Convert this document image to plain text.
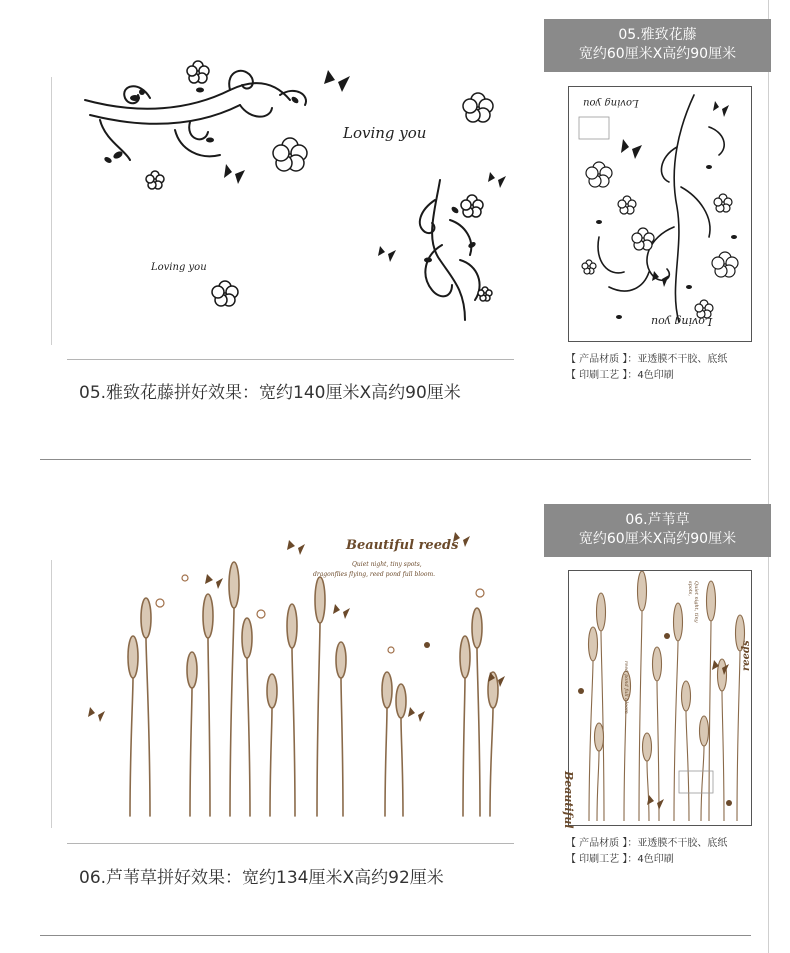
Loving you
Loving you
05.雅致花藤拼好效果：宽约140厘米X高约90厘米
05.雅致花藤
宽约60厘米X高约90厘米
Loving you
Loving you
【 产品材质 】：亚透膜不干胶、底纸
【 印刷工艺 】：4色印刷
Beautiful reeds
Quiet night, tiny spots,
dragonflies flying, reed pond full bloom.
06.芦苇草拼好效果：宽约134厘米X高约92厘米
06.芦苇草
宽约60厘米X高约90厘米
Beautiful
reeds
Quiet night, tiny spots,
reed pond full bloom
【 产品材质 】：亚透膜不干胶、底纸
【 印刷工艺 】：4色印刷
